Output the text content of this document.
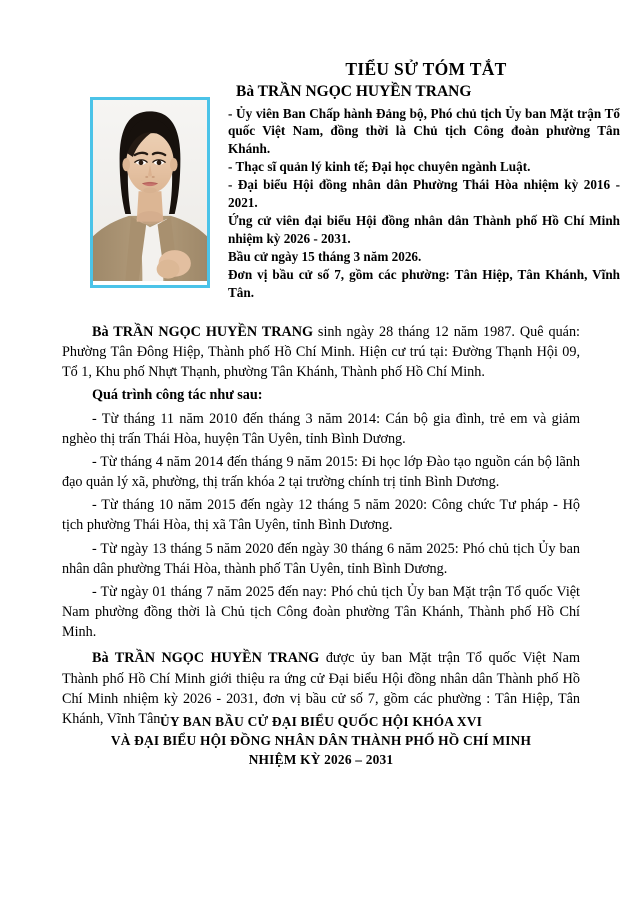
TIỂU SỬ TÓM TẮT
Bà TRẦN NGỌC HUYỀN TRANG

- Ủy viên Ban Chấp hành Đảng bộ, Phó chủ tịch Ủy ban Mặt trận Tổ quốc Việt Nam, đồng thời là Chủ tịch Công đoàn phường Tân Khánh.

- Thạc sĩ quản lý kinh tế; Đại học chuyên ngành Luật.

- Đại biểu Hội đồng nhân dân Phường Thái Hòa nhiệm kỳ 2016 - 2021.

Ứng cử viên đại biểu Hội đồng nhân dân Thành phố Hồ Chí Minh nhiệm kỳ 2026 - 2031.

Bầu cử ngày 15 tháng 3 năm 2026.

Đơn vị bầu cử số 7, gồm các phường: Tân Hiệp, Tân Khánh, Vĩnh Tân.

Bà TRẦN NGỌC HUYỀN TRANG sinh ngày 28 tháng 12 năm 1987. Quê quán: Phường Tân Đông Hiệp, Thành phố Hồ Chí Minh. Hiện cư trú tại: Đường Thạnh Hội 09, Tổ 1, Khu phố Nhựt Thạnh, phường Tân Khánh, Thành phố Hồ Chí Minh.

Quá trình công tác như sau:

- Từ tháng 11 năm 2010 đến tháng 3 năm 2014: Cán bộ gia đình, trẻ em và giảm nghèo thị trấn Thái Hòa, huyện Tân Uyên, tỉnh Bình Dương.

- Từ tháng 4 năm 2014 đến tháng 9 năm 2015: Đi học lớp Đào tạo nguồn cán bộ lãnh đạo quản lý xã, phường, thị trấn khóa 2 tại trường chính trị tỉnh Bình Dương.

- Từ tháng 10 năm 2015 đến ngày 12 tháng 5 năm 2020: Công chức Tư pháp - Hộ tịch phường Thái Hòa, thị xã Tân Uyên, tỉnh Bình Dương.

- Từ ngày 13 tháng 5 năm 2020 đến ngày 30 tháng 6 năm 2025: Phó chủ tịch Ủy ban nhân dân phường Thái Hòa, thành phố Tân Uyên, tỉnh Bình Dương.

- Từ ngày 01 tháng 7 năm 2025 đến nay: Phó chủ tịch Ủy ban Mặt trận Tổ quốc Việt Nam phường đồng thời là Chủ tịch Công đoàn phường Tân Khánh, Thành phố Hồ Chí Minh.

Bà TRẦN NGỌC HUYỀN TRANG được ủy ban Mặt trận Tổ quốc Việt Nam Thành phố Hồ Chí Minh giới thiệu ra ứng cử Đại biểu Hội đồng nhân dân Thành phố Hồ Chí Minh nhiệm kỳ 2026 - 2031, đơn vị bầu cử số 7, gồm các phường : Tân Hiệp, Tân Khánh, Vĩnh Tân.

ỦY BAN BẦU CỬ ĐẠI BIỂU QUỐC HỘI KHÓA XVI

VÀ ĐẠI BIỂU HỘI ĐỒNG NHÂN DÂN THÀNH PHỐ HỒ CHÍ MINH

NHIỆM KỲ 2026 – 2031
